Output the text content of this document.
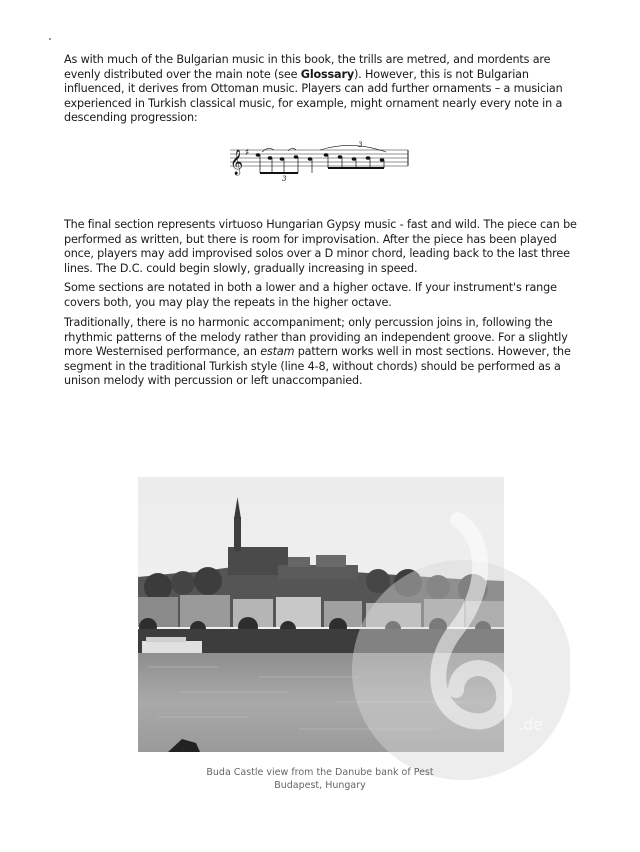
As with much of the Bulgarian music in this book, the trills are metred, and mordents are evenly distributed over the main note (see Glossary). However, this is not Bulgarian influenced, it derives from Ottoman music. Players can add further ornaments – a musician experienced in Turkish classical music, for example, might ornament nearly every note in a descending progression:

𝄞 ♯
3
3

The final section represents virtuoso Hungarian Gypsy music - fast and wild. The piece can be performed as written, but there is room for improvisation. After the piece has been played once, players may add improvised solos over a D minor chord, leading back to the last three lines. The D.C. could begin slowly, gradually increasing in speed.

Some sections are notated in both a lower and a higher octave. If your instrument's range covers both, you may play the repeats in the higher octave.

Traditionally, there is no harmonic accompaniment; only percussion joins in, following the rhythmic patterns of the melody rather than providing an independent groove. For a slightly more Westernised performance, an estam pattern works well in most sections. However, the segment in the traditional Turkish style (line 4-8, without chords) should be performed as a unison melody with percussion or left unaccompanied.

.de
Buda Castle view from the Danube bank of Pest
Budapest, Hungary
